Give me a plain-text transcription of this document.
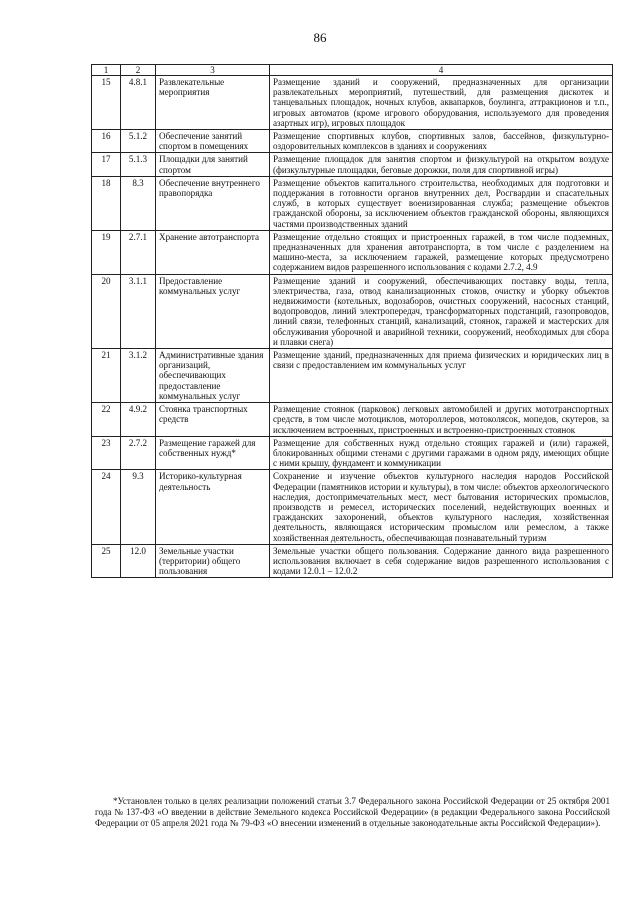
86
1	2	3	4
15	4.8.1	Развлекательные мероприятия	Размещение зданий и сооружений, предназначенных для организации развлекательных мероприятий, путешествий, для размещения дискотек и танцевальных площадок, ночных клубов, аквапарков, боулинга, аттракционов и т.п., игровых автоматов (кроме игрового оборудования, используемого для проведения азартных игр), игровых площадок
16	5.1.2	Обеспечение занятий спортом в помещениях	Размещение спортивных клубов, спортивных залов, бассейнов, физкультурно-оздоровительных комплексов в зданиях и сооружениях
17	5.1.3	Площадки для занятий спортом	Размещение площадок для занятия спортом и физкультурой на открытом воздухе (физкультурные площадки, беговые дорожки, поля для спортивной игры)
18	8.3	Обеспечение внутреннего правопорядка	Размещение объектов капитального строительства, необходимых для подготовки и поддержания в готовности органов внутренних дел, Росгвардии и спасательных служб, в которых существует военизированная служба; размещение объектов гражданской обороны, за исключением объектов гражданской обороны, являющихся частями производственных зданий
19	2.7.1	Хранение автотранспорта	Размещение отдельно стоящих и пристроенных гаражей, в том числе подземных, предназначенных для хранения автотранспорта, в том числе с разделением на машино-места, за исключением гаражей, размещение которых предусмотрено содержанием видов разрешенного использования с кодами 2.7.2, 4.9
20	3.1.1	Предоставление коммунальных услуг	Размещение зданий и сооружений, обеспечивающих поставку воды, тепла, электричества, газа, отвод канализационных стоков, очистку и уборку объектов недвижимости (котельных, водозаборов, очистных сооружений, насосных станций, водопроводов, линий электропередач, трансформаторных подстанций, газопроводов, линий связи, телефонных станций, канализаций, стоянок, гаражей и мастерских для обслуживания уборочной и аварийной техники, сооружений, необходимых для сбора и плавки снега)
21	3.1.2	Административные здания организаций, обеспечивающих предоставление коммунальных услуг	Размещение зданий, предназначенных для приема физических и юридических лиц в связи с предоставлением им коммунальных услуг
22	4.9.2	Стоянка транспортных средств	Размещение стоянок (парковок) легковых автомобилей и других мототранспортных средств, в том числе мотоциклов, мотороллеров, мотоколясок, мопедов, скутеров, за исключением встроенных, пристроенных и встроенно-пристроенных стоянок
23	2.7.2	Размещение гаражей для собственных нужд*	Размещение для собственных нужд отдельно стоящих гаражей и (или) гаражей, блокированных общими стенами с другими гаражами в одном ряду, имеющих общие с ними крышу, фундамент и коммуникации
24	9.3	Историко-культурная деятельность	Сохранение и изучение объектов культурного наследия народов Российской Федерации (памятников истории и культуры), в том числе: объектов археологического наследия, достопримечательных мест, мест бытования исторических промыслов, производств и ремесел, исторических поселений, недействующих военных и гражданских захоронений, объектов культурного наследия, хозяйственная деятельность, являющаяся историческим промыслом или ремеслом, а также хозяйственная деятельность, обеспечивающая познавательный туризм
25	12.0	Земельные участки (территории) общего пользования	Земельные участки общего пользования. Содержание данного вида разрешенного использования включает в себя содержание видов разрешенного использования с кодами 12.0.1 – 12.0.2
*Установлен только в целях реализации положений статьи 3.7 Федерального закона Российской Федерации от 25 октября 2001 года № 137-ФЗ «О введении в действие Земельного кодекса Российской Федерации» (в редакции Федерального закона Российской Федерации от 05 апреля 2021 года № 79-ФЗ «О внесении изменений в отдельные законодательные акты Российской Федерации»).
